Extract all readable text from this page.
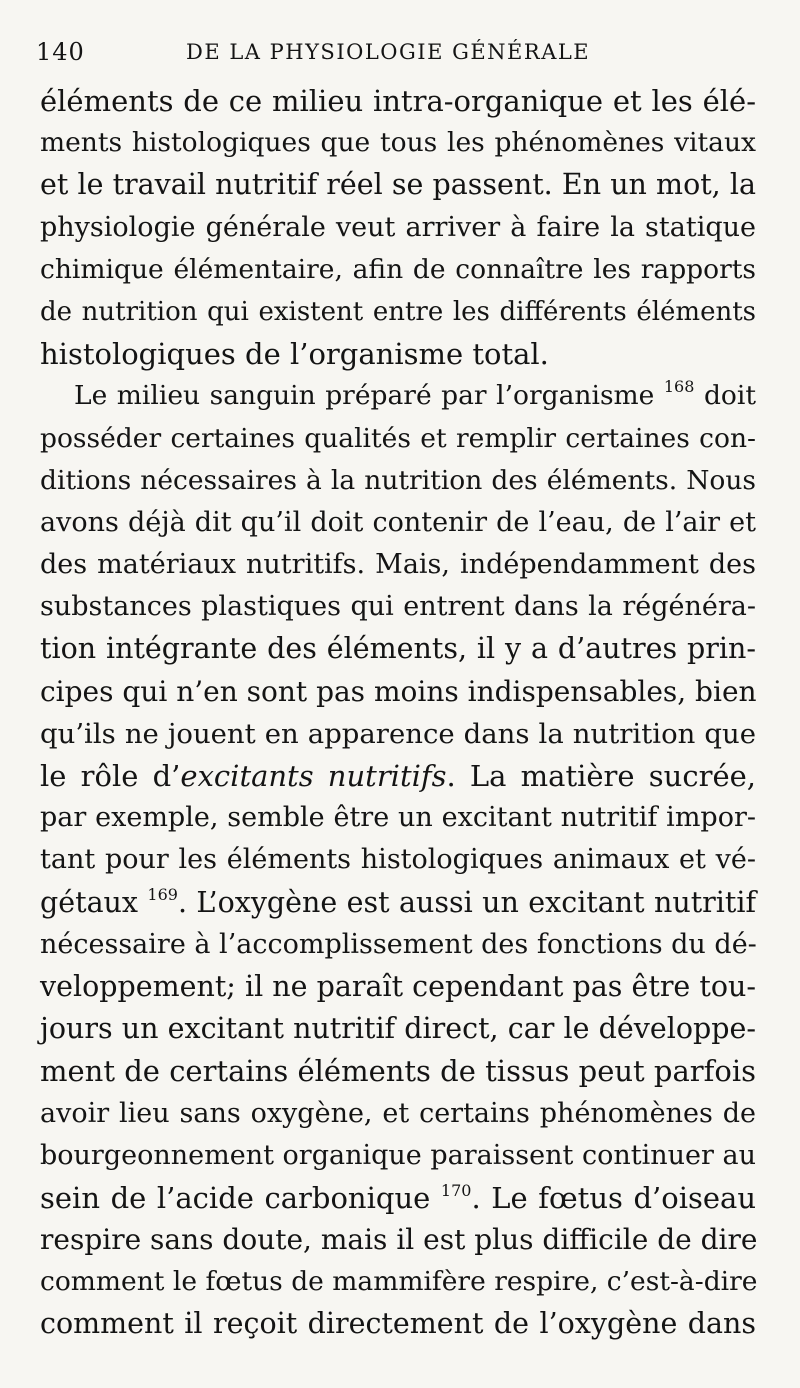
140	DE LA PHYSIOLOGIE GÉNÉRALE
éléments de ce milieu intra-organique et les élé-
ments histologiques que tous les phénomènes vitaux
et le travail nutritif réel se passent. En un mot, la
physiologie générale veut arriver à faire la statique
chimique élémentaire, afin de connaître les rapports
de nutrition qui existent entre les différents éléments
histologiques de l’organisme total.
Le milieu sanguin préparé par l’organisme $^{168}$ doit
posséder certaines qualités et remplir certaines con-
ditions nécessaires à la nutrition des éléments. Nous
avons déjà dit qu’il doit contenir de l’eau, de l’air et
des matériaux nutritifs. Mais, indépendamment des
substances plastiques qui entrent dans la régénéra-
tion intégrante des éléments, il y a d’autres prin-
cipes qui n’en sont pas moins indispensables, bien
qu’ils ne jouent en apparence dans la nutrition que
le rôle d’excitants nutritifs. La matière sucrée,
par exemple, semble être un excitant nutritif impor-
tant pour les éléments histologiques animaux et vé-
gétaux $^{169}$. L’oxygène est aussi un excitant nutritif
nécessaire à l’accomplissement des fonctions du dé-
veloppement; il ne paraît cependant pas être tou-
jours un excitant nutritif direct, car le développe-
ment de certains éléments de tissus peut parfois
avoir lieu sans oxygène, et certains phénomènes de
bourgeonnement organique paraissent continuer au
sein de l’acide carbonique $^{170}$. Le fœtus d’oiseau
respire sans doute, mais il est plus difficile de dire
comment le fœtus de mammifère respire, c’est-à-dire
comment il reçoit directement de l’oxygène dans
